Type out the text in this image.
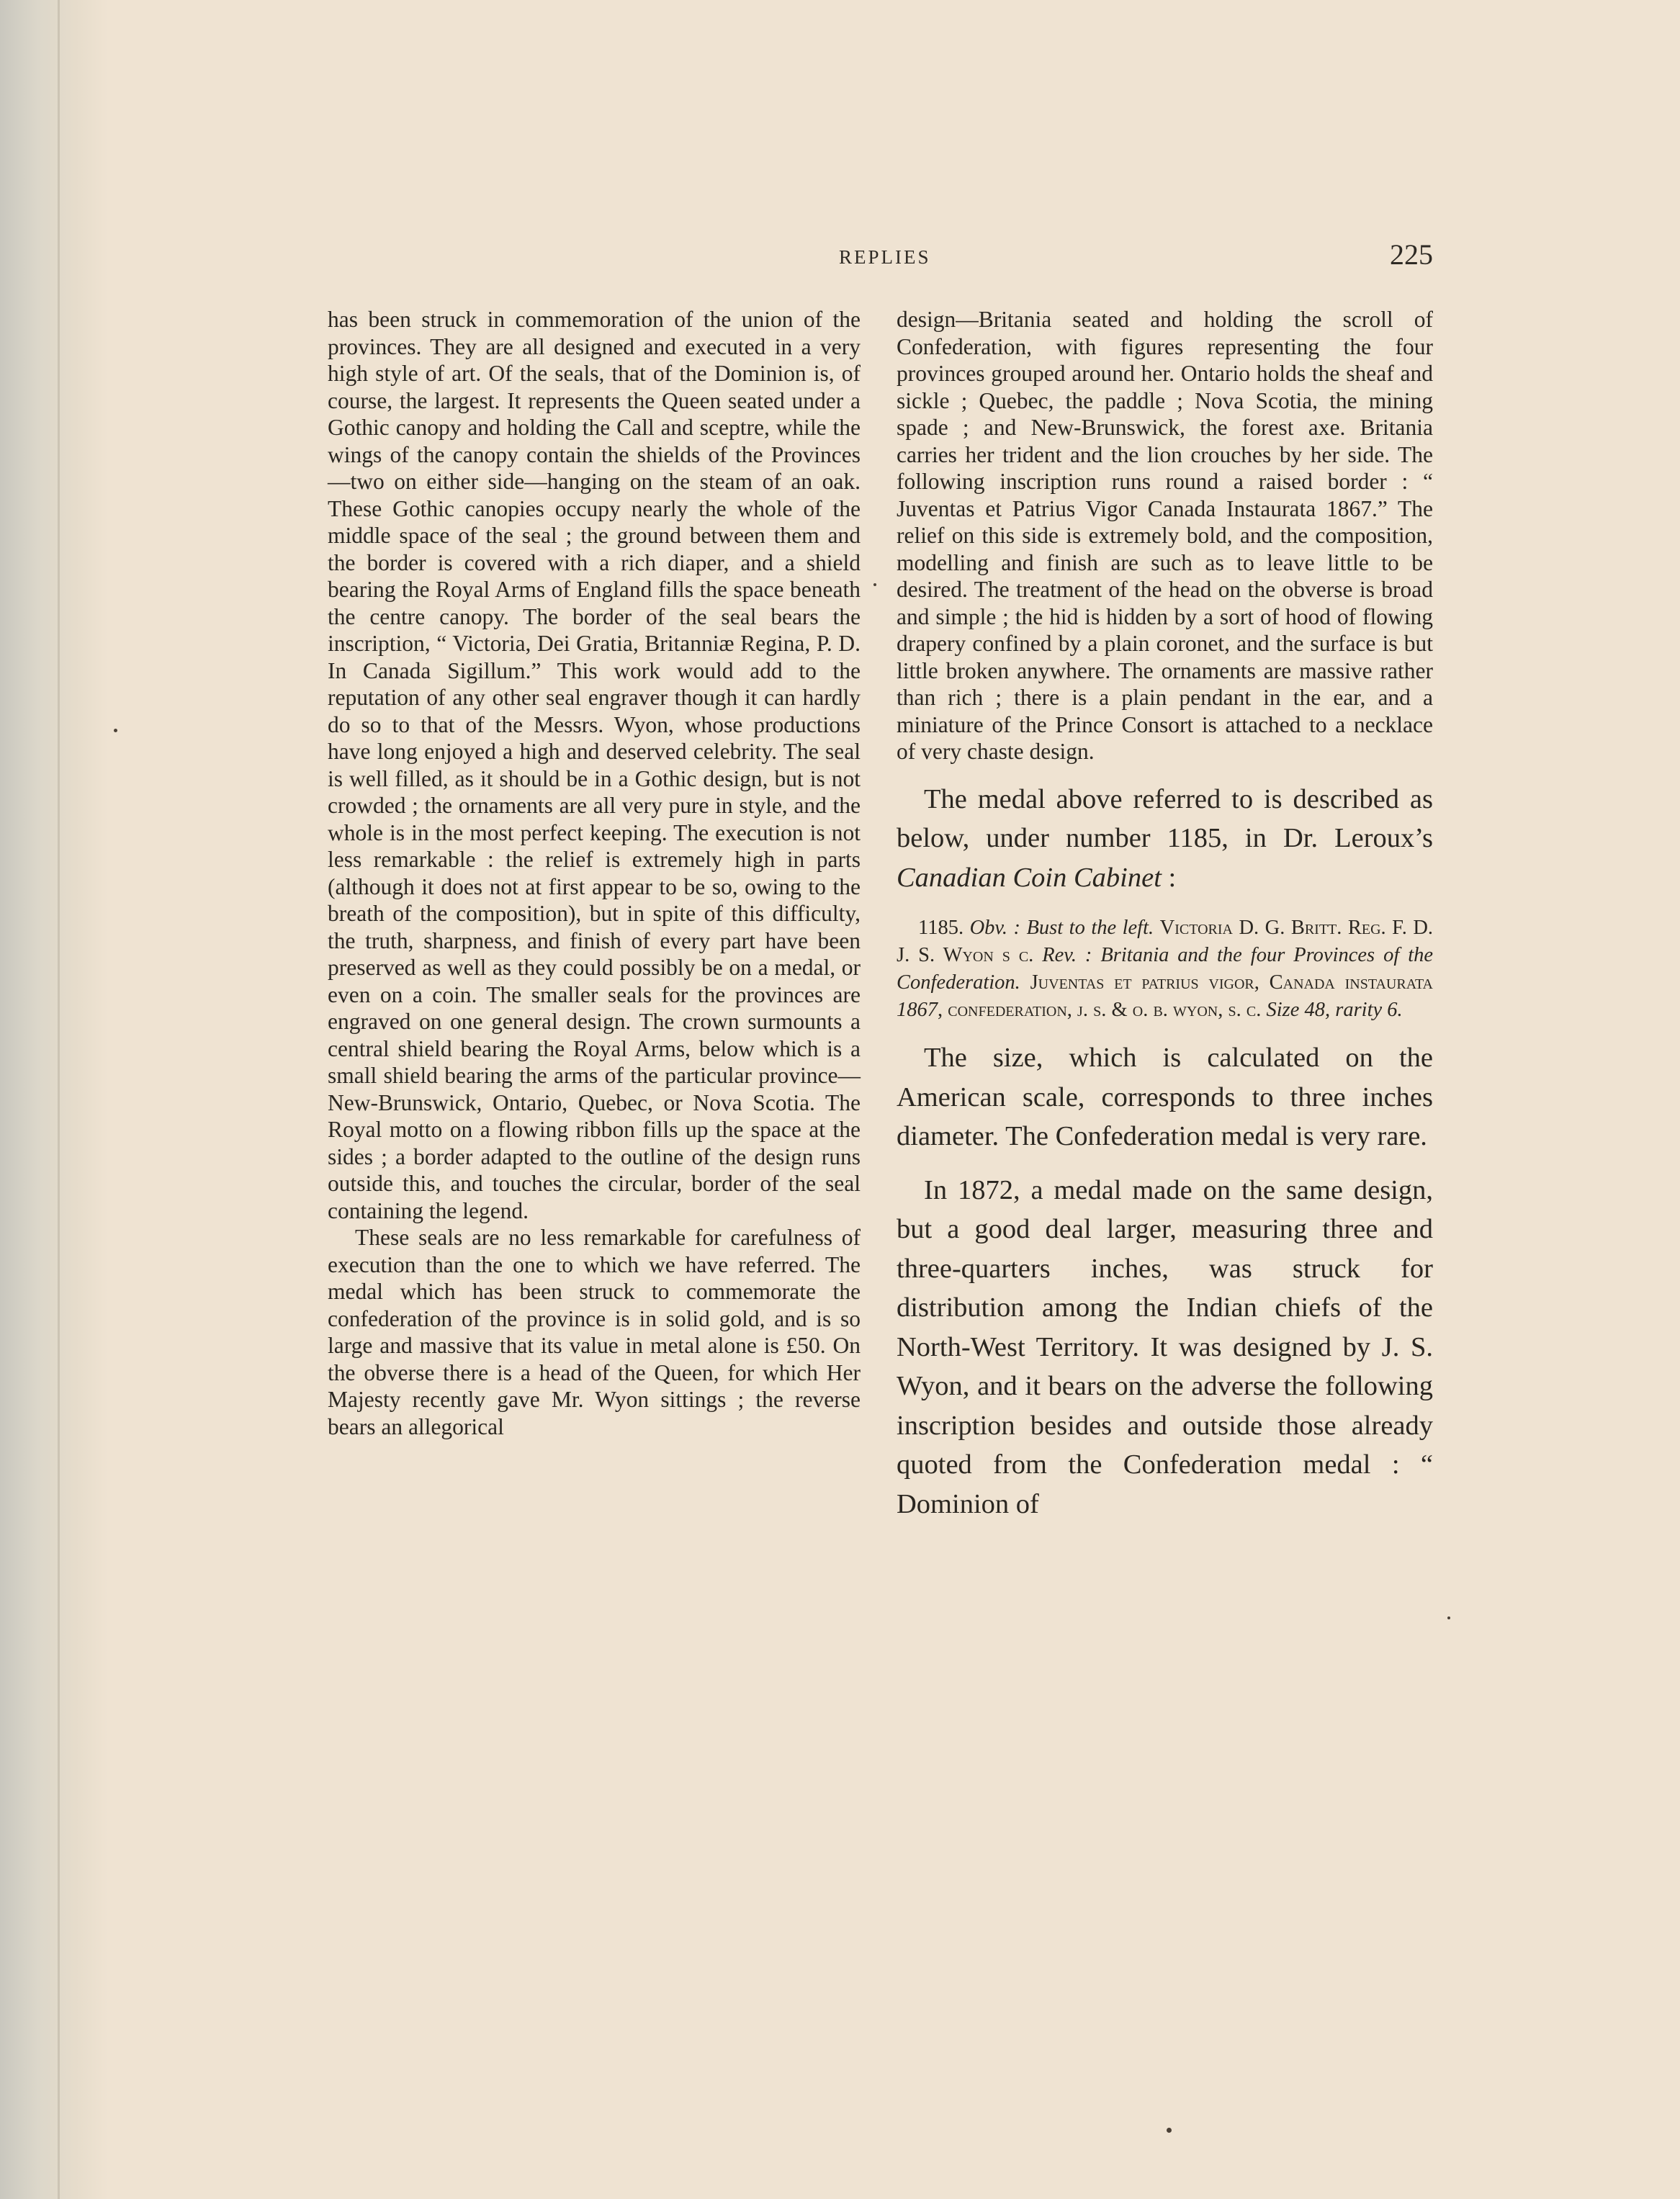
REPLIES	225

has been struck in commemoration of the union of the provinces. They are all designed and executed in a very high style of art. Of the seals, that of the Dominion is, of course, the largest. It represents the Queen seated under a Gothic canopy and holding the Call and sceptre, while the wings of the canopy contain the shields of the Provinces—two on either side—hanging on the steam of an oak. These Gothic canopies occupy nearly the whole of the middle space of the seal ; the ground between them and the border is covered with a rich diaper, and a shield bearing the Royal Arms of England fills the space beneath the centre canopy. The border of the seal bears the inscription, “ Victoria, Dei Gratia, Britanniæ Regina, P. D. In Canada Sigillum.” This work would add to the reputation of any other seal engraver though it can hardly do so to that of the Messrs. Wyon, whose productions have long enjoyed a high and deserved celebrity. The seal is well filled, as it should be in a Gothic design, but is not crowded ; the ornaments are all very pure in style, and the whole is in the most perfect keeping. The execution is not less remarkable : the relief is extremely high in parts (although it does not at first appear to be so, owing to the breath of the composition), but in spite of this difficulty, the truth, sharpness, and finish of every part have been preserved as well as they could possibly be on a medal, or even on a coin. The smaller seals for the provinces are engraved on one general design. The crown surmounts a central shield bearing the Royal Arms, below which is a small shield bearing the arms of the particular province—New-Brunswick, Ontario, Quebec, or Nova Scotia. The Royal motto on a flowing ribbon fills up the space at the sides ; a border adapted to the outline of the design runs outside this, and touches the circular, border of the seal containing the legend.

These seals are no less remarkable for carefulness of execution than the one to which we have referred. The medal which has been struck to commemorate the confederation of the province is in solid gold, and is so large and massive that its value in metal alone is £50. On the obverse there is a head of the Queen, for which Her Majesty recently gave Mr. Wyon sittings ; the reverse bears an allegorical

design—Britania seated and holding the scroll of Confederation, with figures representing the four provinces grouped around her. Ontario holds the sheaf and sickle ; Quebec, the paddle ; Nova Scotia, the mining spade ; and New-Brunswick, the forest axe. Britania carries her trident and the lion crouches by her side. The following inscription runs round a raised border : “ Juventas et Patrius Vigor Canada Instaurata 1867.” The relief on this side is extremely bold, and the composition, modelling and finish are such as to leave little to be desired. The treatment of the head on the obverse is broad and simple ; the hid is hidden by a sort of hood of flowing drapery confined by a plain coronet, and the surface is but little broken anywhere. The ornaments are massive rather than rich ; there is a plain pendant in the ear, and a miniature of the Prince Consort is attached to a necklace of very chaste design.

The medal above referred to is described as below, under number 1185, in Dr. Leroux’s Canadian Coin Cabinet :

1185. Obv. : Bust to the left. Victoria D. G. Britt. Reg. F. D. J. S. Wyon s c. Rev. : Britania and the four Provinces of the Confederation. Juventas et patrius vigor, Canada instaurata 1867, confederation, j. s. & o. b. wyon, s. c. Size 48, rarity 6.

The size, which is calculated on the American scale, corresponds to three inches diameter. The Confederation medal is very rare.

In 1872, a medal made on the same design, but a good deal larger, measuring three and three-quarters inches, was struck for distribution among the Indian chiefs of the North-West Territory. It was designed by J. S. Wyon, and it bears on the adverse the following inscription besides and outside those already quoted from the Confederation medal : “ Dominion of
